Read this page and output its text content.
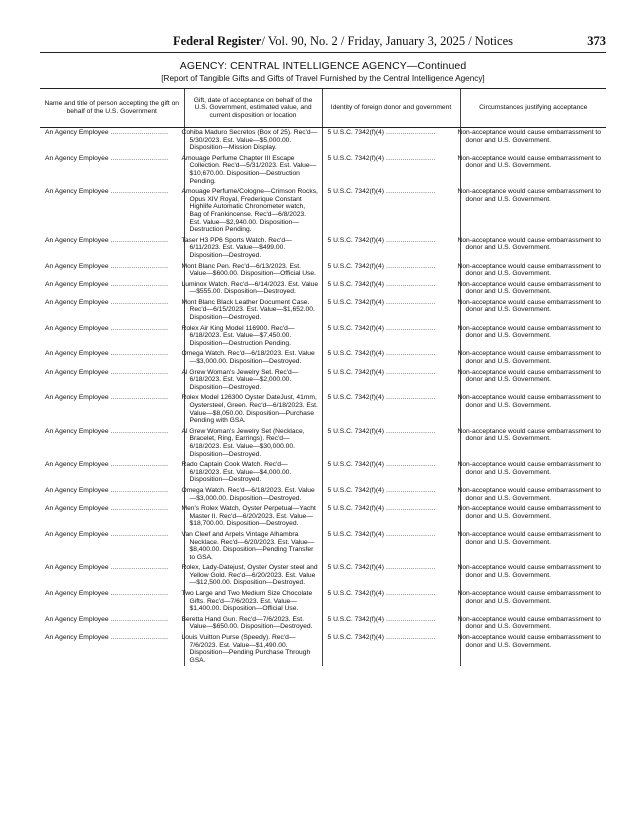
Federal Register/ Vol. 90, No. 2 / Friday, January 3, 2025 / Notices	373
AGENCY: CENTRAL INTELLIGENCE AGENCY—Continued
[Report of Tangible Gifts and Gifts of Travel Furnished by the Central Intelligence Agency]
Name and title of person accepting the gift on behalf of the U.S. Government	Gift, date of acceptance on behalf of the U.S. Government, estimated value, and current disposition or location	Identity of foreign donor and government	Circumstances justifying acceptance
An Agency Employee ............................	Cohiba Maduro Secretos (Box of 25). Rec'd—5/30/2023. Est. Value—$5,000.00. Disposition—Mission Display.	5 U.S.C. 7342(f)(4) ........................	Non-acceptance would cause embarrassment to donor and U.S. Government.
An Agency Employee ............................	Amouage Perfume Chapter III Escape Collection. Rec'd—5/31/2023. Est. Value—$10,670.00. Disposition—Destruction Pending.	5 U.S.C. 7342(f)(4) ........................	Non-acceptance would cause embarrassment to donor and U.S. Government.
An Agency Employee ............................	Amouage Perfume/Cologne—Crimson Rocks, Opus XIV Royal, Frederique Constant Highlife Automatic Chronometer watch, Bag of Frankincense. Rec'd—6/8/2023. Est. Value—$2,940.00. Disposition—Destruction Pending.	5 U.S.C. 7342(f)(4) ........................	Non-acceptance would cause embarrassment to donor and U.S. Government.
An Agency Employee ............................	Taser H3 PP6 Sports Watch. Rec'd—6/11/2023. Est. Value—$499.00. Disposition—Destroyed.	5 U.S.C. 7342(f)(4) ........................	Non-acceptance would cause embarrassment to donor and U.S. Government.
An Agency Employee ............................	Mont Blanc Pen. Rec'd—6/13/2023. Est. Value—$600.00. Disposition—Official Use.	5 U.S.C. 7342(f)(4) ........................	Non-acceptance would cause embarrassment to donor and U.S. Government.
An Agency Employee ............................	Luminox Watch. Rec'd—6/14/2023. Est. Value—$555.00. Disposition—Destroyed.	5 U.S.C. 7342(f)(4) ........................	Non-acceptance would cause embarrassment to donor and U.S. Government.
An Agency Employee ............................	Mont Blanc Black Leather Document Case. Rec'd—6/15/2023. Est. Value—$1,652.00. Disposition—Destroyed.	5 U.S.C. 7342(f)(4) ........................	Non-acceptance would cause embarrassment to donor and U.S. Government.
An Agency Employee ............................	Rolex Air King Model 116900. Rec'd—6/18/2023. Est. Value—$7,450.00. Disposition—Destruction Pending.	5 U.S.C. 7342(f)(4) ........................	Non-acceptance would cause embarrassment to donor and U.S. Government.
An Agency Employee ............................	Omega Watch. Rec'd—6/18/2023. Est. Value—$3,000.00. Disposition—Destroyed.	5 U.S.C. 7342(f)(4) ........................	Non-acceptance would cause embarrassment to donor and U.S. Government.
An Agency Employee ............................	Al Grew Woman's Jewelry Set. Rec'd—6/18/2023. Est. Value—$2,000.00. Disposition—Destroyed.	5 U.S.C. 7342(f)(4) ........................	Non-acceptance would cause embarrassment to donor and U.S. Government.
An Agency Employee ............................	Rolex Model 126300 Oyster DateJust, 41mm, Oystersteel, Green. Rec'd—6/18/2023. Est. Value—$8,050.00. Disposition—Purchase Pending with GSA.	5 U.S.C. 7342(f)(4) ........................	Non-acceptance would cause embarrassment to donor and U.S. Government.
An Agency Employee ............................	Al Grew Woman's Jewelry Set (Necklace, Bracelet, Ring, Earrings). Rec'd—6/18/2023. Est. Value—$30,000.00. Disposition—Destroyed.	5 U.S.C. 7342(f)(4) ........................	Non-acceptance would cause embarrassment to donor and U.S. Government.
An Agency Employee ............................	Rado Captain Cook Watch. Rec'd—6/18/2023. Est. Value—$4,000.00. Disposition—Destroyed.	5 U.S.C. 7342(f)(4) ........................	Non-acceptance would cause embarrassment to donor and U.S. Government.
An Agency Employee ............................	Omega Watch. Rec'd—6/18/2023. Est. Value—$3,000.00. Disposition—Destroyed.	5 U.S.C. 7342(f)(4) ........................	Non-acceptance would cause embarrassment to donor and U.S. Government.
An Agency Employee ............................	Men's Rolex Watch, Oyster Perpetual—Yacht Master II. Rec'd—6/20/2023. Est. Value—$18,700.00. Disposition—Destroyed.	5 U.S.C. 7342(f)(4) ........................	Non-acceptance would cause embarrassment to donor and U.S. Government.
An Agency Employee ............................	Van Cleef and Arpels Vintage Alhambra Necklace. Rec'd—6/20/2023. Est. Value—$8,400.00. Disposition—Pending Transfer to GSA.	5 U.S.C. 7342(f)(4) ........................	Non-acceptance would cause embarrassment to donor and U.S. Government.
An Agency Employee ............................	Rolex, Lady-Datejust, Oyster Oyster steel and Yellow Gold. Rec'd—6/20/2023. Est. Value—$12,500.00. Disposition—Destroyed.	5 U.S.C. 7342(f)(4) ........................	Non-acceptance would cause embarrassment to donor and U.S. Government.
An Agency Employee ............................	Two Large and Two Medium Size Chocolate Gifts. Rec'd—7/6/2023. Est. Value—$1,400.00. Disposition—Official Use.	5 U.S.C. 7342(f)(4) ........................	Non-acceptance would cause embarrassment to donor and U.S. Government.
An Agency Employee ............................	Beretta Hand Gun. Rec'd—7/6/2023. Est. Value—$650.00. Disposition—Destroyed.	5 U.S.C. 7342(f)(4) ........................	Non-acceptance would cause embarrassment to donor and U.S. Government.
An Agency Employee ............................	Louis Vuitton Purse (Speedy). Rec'd—7/6/2023. Est. Value—$1,490.00. Disposition—Pending Purchase Through GSA.	5 U.S.C. 7342(f)(4) ........................	Non-acceptance would cause embarrassment to donor and U.S. Government.
